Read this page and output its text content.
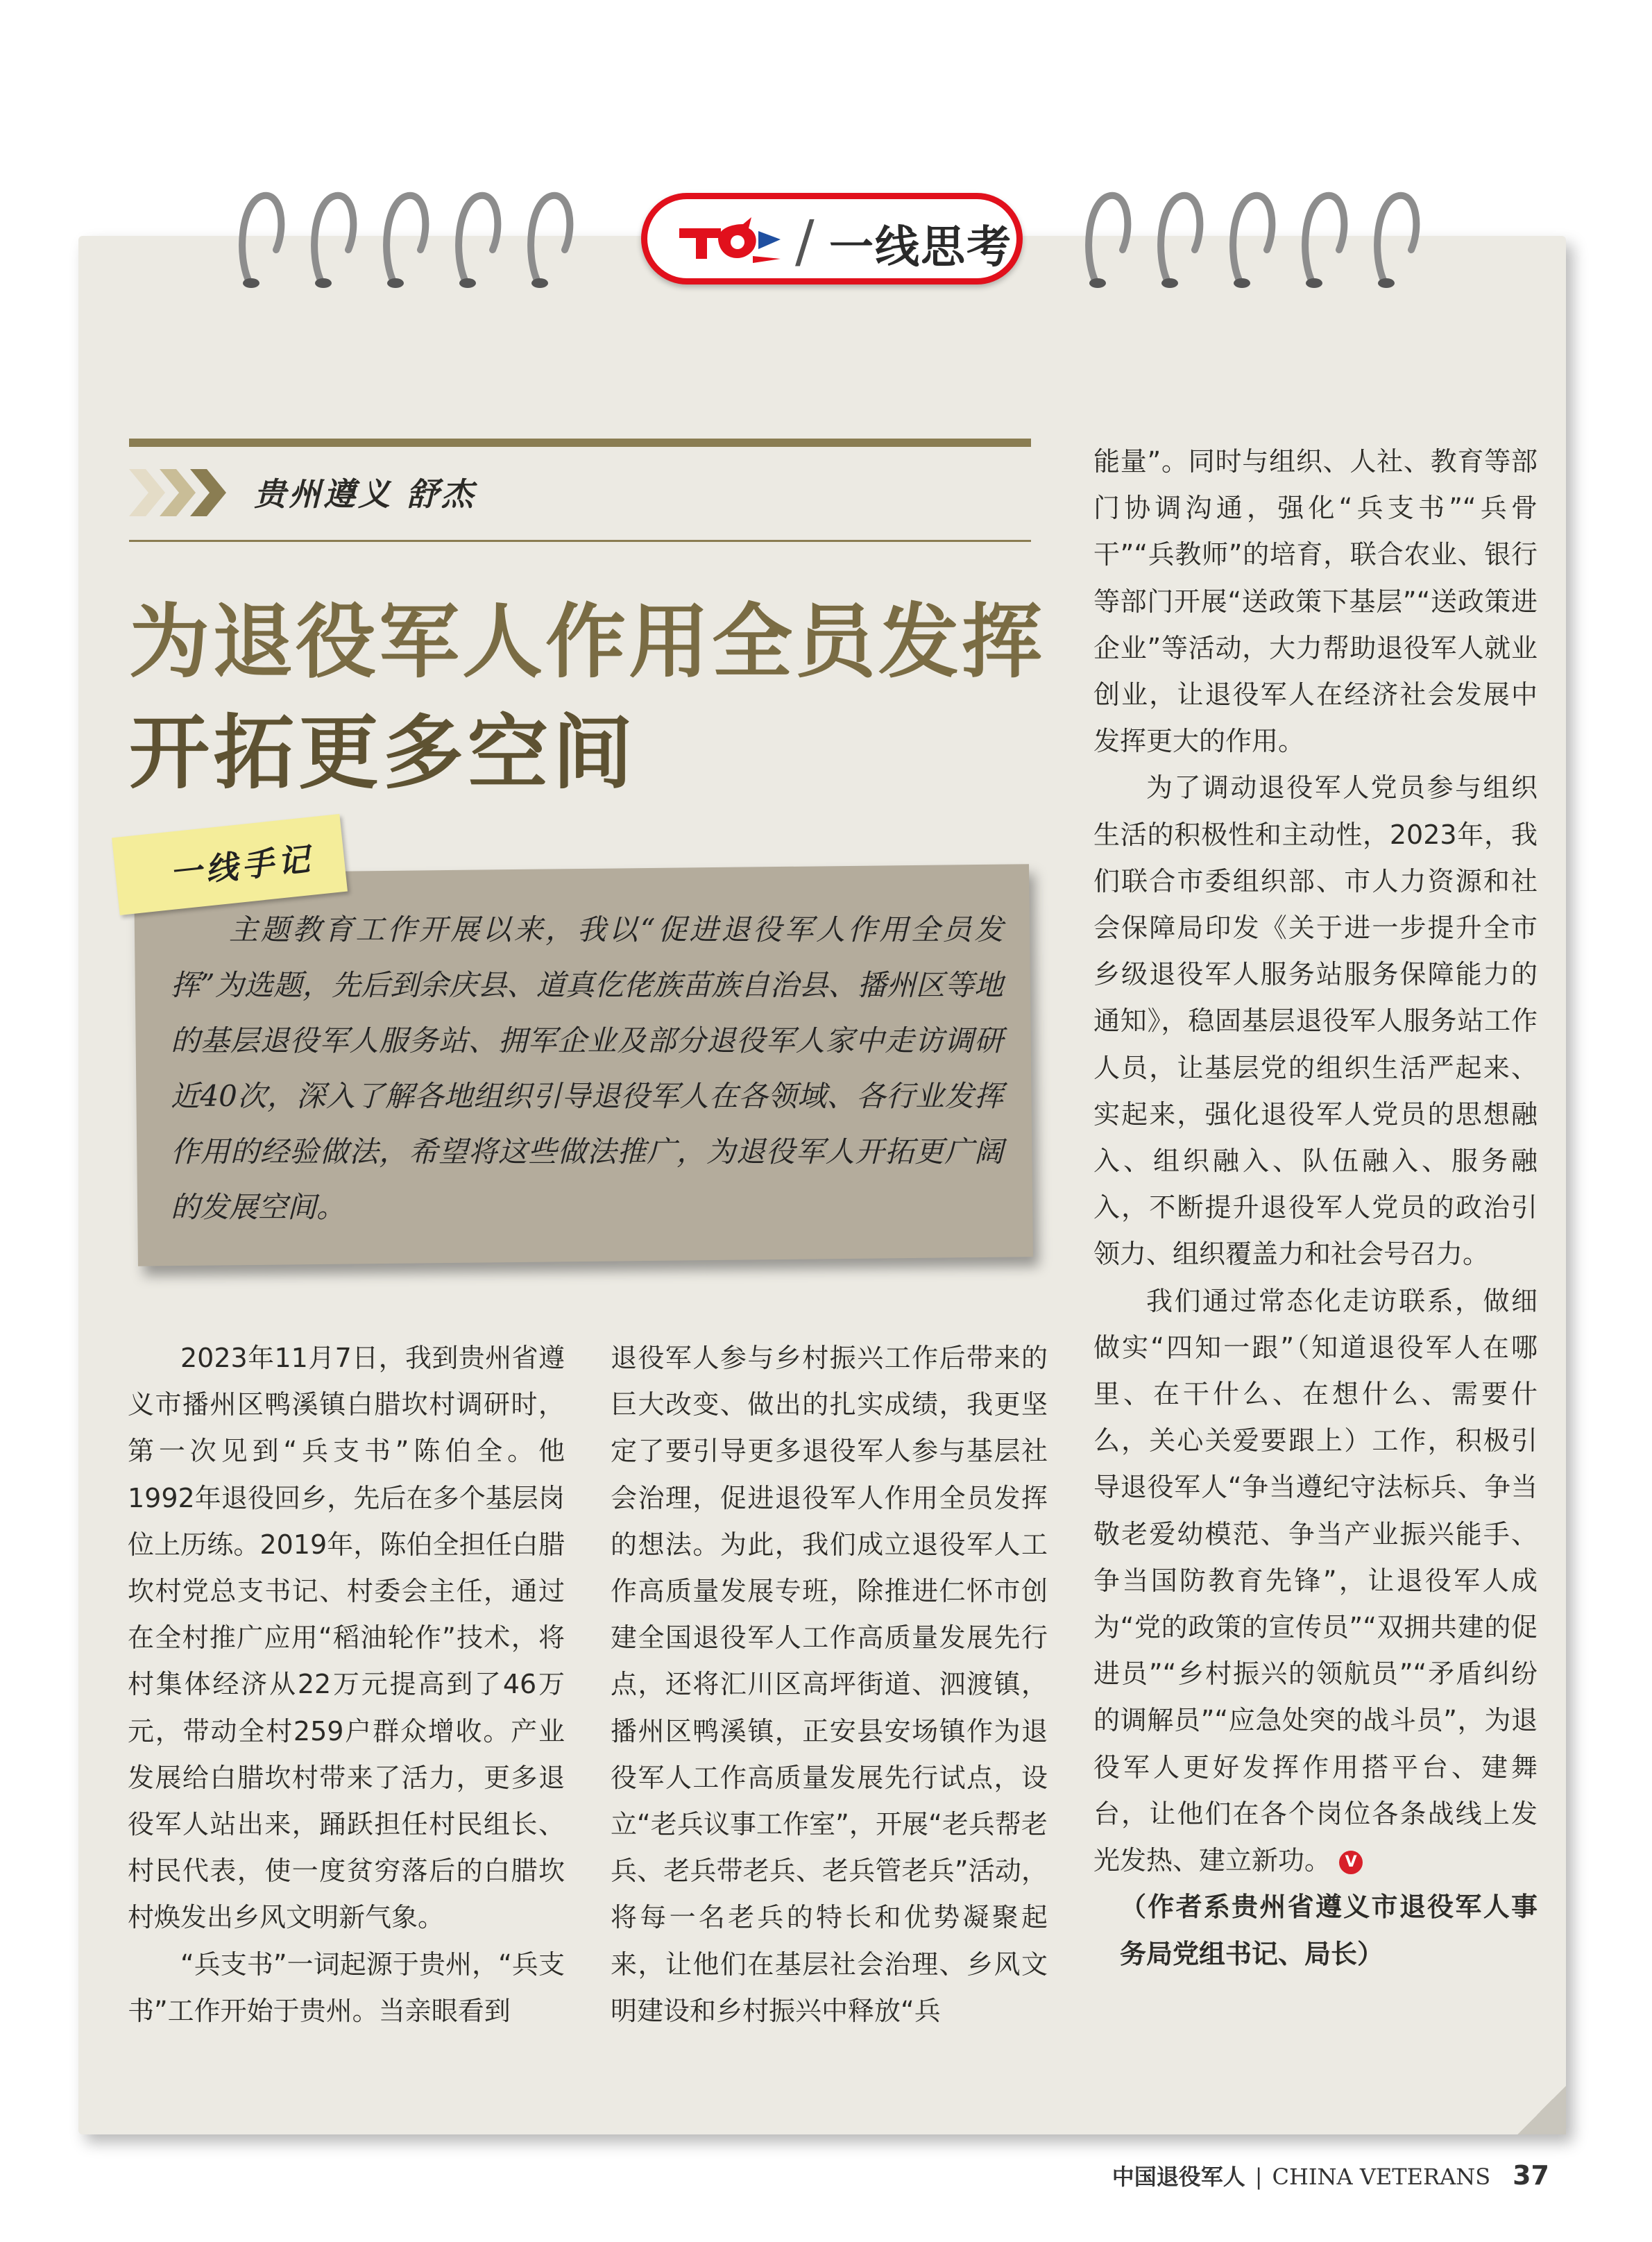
/ 一线思考
贵州遵义 舒杰
为退役军人作用全员发挥
开拓更多空间
一线手记
主题教育工作开展以来，我以“促进退役军人作用全员发挥”为选题，先后到余庆县、道真仡佬族苗族自治县、播州区等地的基层退役军人服务站、拥军企业及部分退役军人家中走访调研近40次，深入了解各地组织引导退役军人在各领域、各行业发挥作用的经验做法，希望将这些做法推广，为退役军人开拓更广阔的发展空间。

2023年11月7日，我到贵州省遵义市播州区鸭溪镇白腊坎村调研时，第一次见到“兵支书”陈伯全。他1992年退役回乡，先后在多个基层岗位上历练。2019年，陈伯全担任白腊坎村党总支书记、村委会主任，通过在全村推广应用“稻油轮作”技术，将村集体经济从22万元提高到了46万元，带动全村259户群众增收。产业发展给白腊坎村带来了活力，更多退役军人站出来，踊跃担任村民组长、村民代表，使一度贫穷落后的白腊坎村焕发出乡风文明新气象。

“兵支书”一词起源于贵州，“兵支书”工作开始于贵州。当亲眼看到

退役军人参与乡村振兴工作后带来的巨大改变、做出的扎实成绩，我更坚定了要引导更多退役军人参与基层社会治理，促进退役军人作用全员发挥的想法。为此，我们成立退役军人工作高质量发展专班，除推进仁怀市创建全国退役军人工作高质量发展先行点，还将汇川区高坪街道、泗渡镇，播州区鸭溪镇，正安县安场镇作为退役军人工作高质量发展先行试点，设立“老兵议事工作室”，开展“老兵帮老兵、老兵带老兵、老兵管老兵”活动，将每一名老兵的特长和优势凝聚起来，让他们在基层社会治理、乡风文明建设和乡村振兴中释放“兵

能量”。同时与组织、人社、教育等部门协调沟通，强化“兵支书”“兵骨干”“兵教师”的培育，联合农业、银行等部门开展“送政策下基层”“送政策进企业”等活动，大力帮助退役军人就业创业，让退役军人在经济社会发展中发挥更大的作用。

为了调动退役军人党员参与组织生活的积极性和主动性，2023年，我们联合市委组织部、市人力资源和社会保障局印发《关于进一步提升全市乡级退役军人服务站服务保障能力的通知》，稳固基层退役军人服务站工作人员，让基层党的组织生活严起来、实起来，强化退役军人党员的思想融入、组织融入、队伍融入、服务融入，不断提升退役军人党员的政治引领力、组织覆盖力和社会号召力。

我们通过常态化走访联系，做细做实“四知一跟”（知道退役军人在哪里、在干什么、在想什么、需要什么，关心关爱要跟上）工作，积极引导退役军人“争当遵纪守法标兵、争当敬老爱幼模范、争当产业振兴能手、争当国防教育先锋”，让退役军人成为“党的政策的宣传员”“双拥共建的促进员”“乡村振兴的领航员”“矛盾纠纷的调解员”“应急处突的战斗员”，为退役军人更好发挥作用搭平台、建舞台，让他们在各个岗位各条战线上发光发热、建立新功。 V

（作者系贵州省遵义市退役军人事务局党组书记、局长）

中国退役军人 | CHINA VETERANS 37
